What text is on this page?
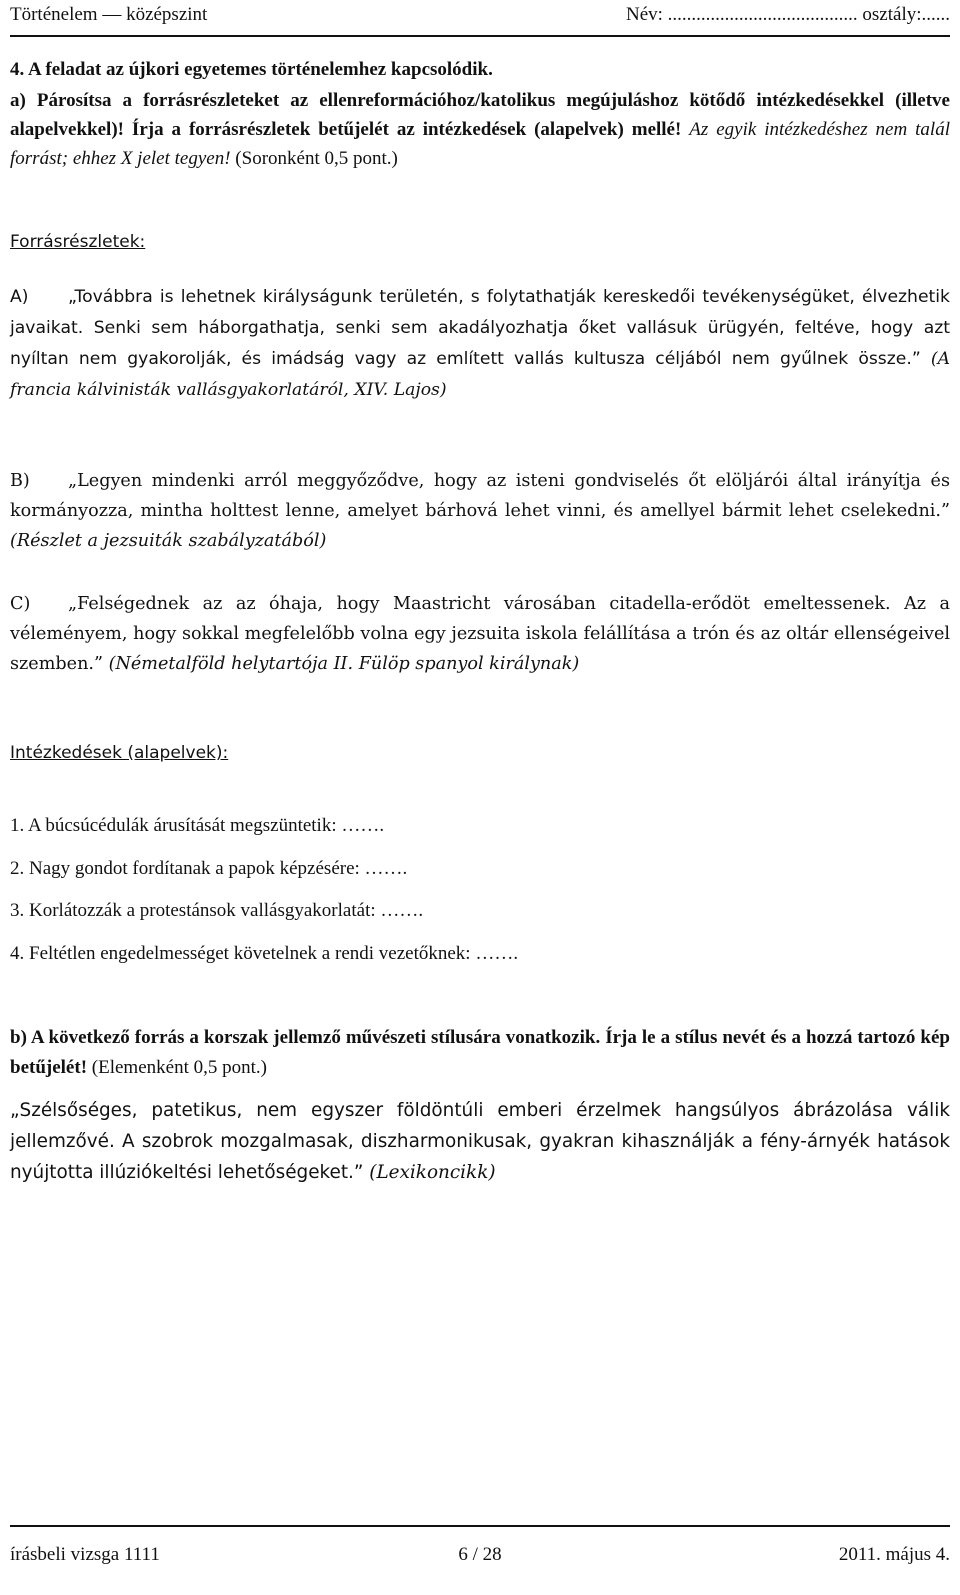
Történelem — középszint	Név: ........................................ osztály:......
4. A feladat az újkori egyetemes történelemhez kapcsolódik.
a) Párosítsa a forrásrészleteket az ellenreformációhoz/katolikus megújuláshoz kötődő intézkedésekkel (illetve alapelvekkel)! Írja a forrásrészletek betűjelét az intézkedések (alapelvek) mellé! Az egyik intézkedéshez nem talál forrást; ehhez X jelet tegyen! (Soronként 0,5 pont.)
Forrásrészletek:
A) „Továbbra is lehetnek királyságunk területén, s folytathatják kereskedői tevékenységüket, élvezhetik javaikat. Senki sem háborgathatja, senki sem akadályozhatja őket vallásuk ürügyén, feltéve, hogy azt nyíltan nem gyakorolják, és imádság vagy az említett vallás kultusza céljából nem gyűlnek össze.” (A francia kálvinisták vallásgyakorlatáról, XIV. Lajos)
B) „Legyen mindenki arról meggyőződve, hogy az isteni gondviselés őt elöljárói által irányítja és kormányozza, mintha holttest lenne, amelyet bárhová lehet vinni, és amellyel bármit lehet cselekedni.” (Részlet a jezsuiták szabályzatából)
C) „Felségednek az az óhaja, hogy Maastricht városában citadella-erődöt emeltessenek. Az a véleményem, hogy sokkal megfelelőbb volna egy jezsuita iskola felállítása a trón és az oltár ellenségeivel szemben.” (Németalföld helytartója II. Fülöp spanyol királynak)
Intézkedések (alapelvek):
1. A búcsúcédulák árusítását megszüntetik: …….
2. Nagy gondot fordítanak a papok képzésére: …….
3. Korlátozzák a protestánsok vallásgyakorlatát: …….
4. Feltétlen engedelmességet követelnek a rendi vezetőknek: …….
b) A következő forrás a korszak jellemző művészeti stílusára vonatkozik. Írja le a stílus nevét és a hozzá tartozó kép betűjelét! (Elemenként 0,5 pont.)
„Szélsőséges, patetikus, nem egyszer földöntúli emberi érzelmek hangsúlyos ábrázolása válik jellemzővé. A szobrok mozgalmasak, diszharmonikusak, gyakran kihasználják a fény-árnyék hatások nyújtotta illúziókeltési lehetőségeket.” (Lexikoncikk)
írásbeli vizsga 1111	6 / 28	2011. május 4.
